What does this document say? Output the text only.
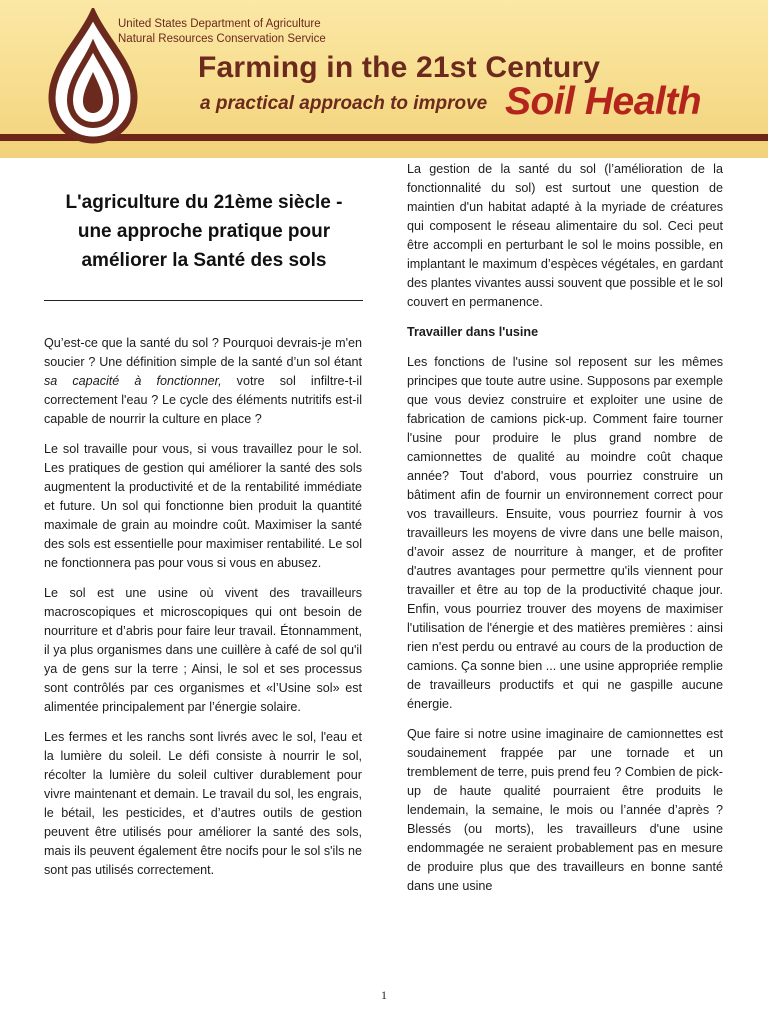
United States Department of Agriculture
Natural Resources Conservation Service
Farming in the 21st Century
a practical approach to improve Soil Health
L'agriculture du 21ème siècle -
une approche pratique pour
améliorer la Santé des sols

Qu’est-ce que la santé du sol ? Pourquoi devrais-je m'en soucier ? Une définition simple de la santé d’un sol étant sa capacité à fonctionner, votre sol infiltre-t-il correctement l'eau ? Le cycle des éléments nutritifs est-il capable de nourrir la culture en place ?

Le sol travaille pour vous, si vous travaillez pour le sol. Les pratiques de gestion qui améliorer la santé des sols augmentent la productivité et de la rentabilité immédiate et future. Un sol qui fonctionne bien produit la quantité maximale de grain au moindre coût. Maximiser la santé des sols est essentielle pour maximiser rentabilité. Le sol ne fonctionnera pas pour vous si vous en abusez.

Le sol est une usine où vivent des travailleurs macroscopiques et microscopiques qui ont besoin de nourriture et d’abris pour faire leur travail. Étonnamment, il ya plus organismes dans une cuillère à café de sol qu'il ya de gens sur la terre ; Ainsi, le sol et ses processus sont contrôlés par ces organismes et «l’Usine sol» est alimentée principalement par l’énergie solaire.

Les fermes et les ranchs sont livrés avec le sol, l'eau et la lumière du soleil. Le défi consiste à nourrir le sol, récolter la lumière du soleil cultiver durablement pour vivre maintenant et demain. Le travail du sol, les engrais, le bétail, les pesticides, et d’autres outils de gestion peuvent être utilisés pour améliorer la santé des sols, mais ils peuvent également être nocifs pour le sol s'ils ne sont pas utilisés correctement.

La gestion de la santé du sol (l’amélioration de la fonctionnalité du sol) est surtout une question de maintien d'un habitat adapté à la myriade de créatures qui composent le réseau alimentaire du sol. Ceci peut être accompli en perturbant le sol le moins possible, en implantant le maximum d’espèces végétales, en gardant des plantes vivantes aussi souvent que possible et le sol couvert en permanence.

Travailler dans l'usine

Les fonctions de l'usine sol reposent sur les mêmes principes que toute autre usine. Supposons par exemple que vous deviez construire et exploiter une usine de fabrication de camions pick-up. Comment faire tourner l'usine pour produire le plus grand nombre de camionnettes de qualité au moindre coût chaque année? Tout d'abord, vous pourriez construire un bâtiment afin de fournir un environnement correct pour vos travailleurs. Ensuite, vous pourriez fournir à vos travailleurs les moyens de vivre dans une belle maison, d’avoir assez de nourriture à manger, et de profiter d'autres avantages pour permettre qu'ils viennent pour travailler et être au top de la productivité chaque jour. Enfin, vous pourriez trouver des moyens de maximiser l'utilisation de l'énergie et des matières premières : ainsi rien n'est perdu ou entravé au cours de la production de camions. Ça sonne bien ... une usine appropriée remplie de travailleurs productifs et qui ne gaspille aucune énergie.

Que faire si notre usine imaginaire de camionnettes est soudainement frappée par une tornade et un tremblement de terre, puis prend feu ? Combien de pick-up de haute qualité pourraient être produits le lendemain, la semaine, le mois ou l’année d’après ? Blessés (ou morts), les travailleurs d'une usine endommagée ne seraient probablement pas en mesure de produire plus que des travailleurs en bonne santé dans une usine

1
